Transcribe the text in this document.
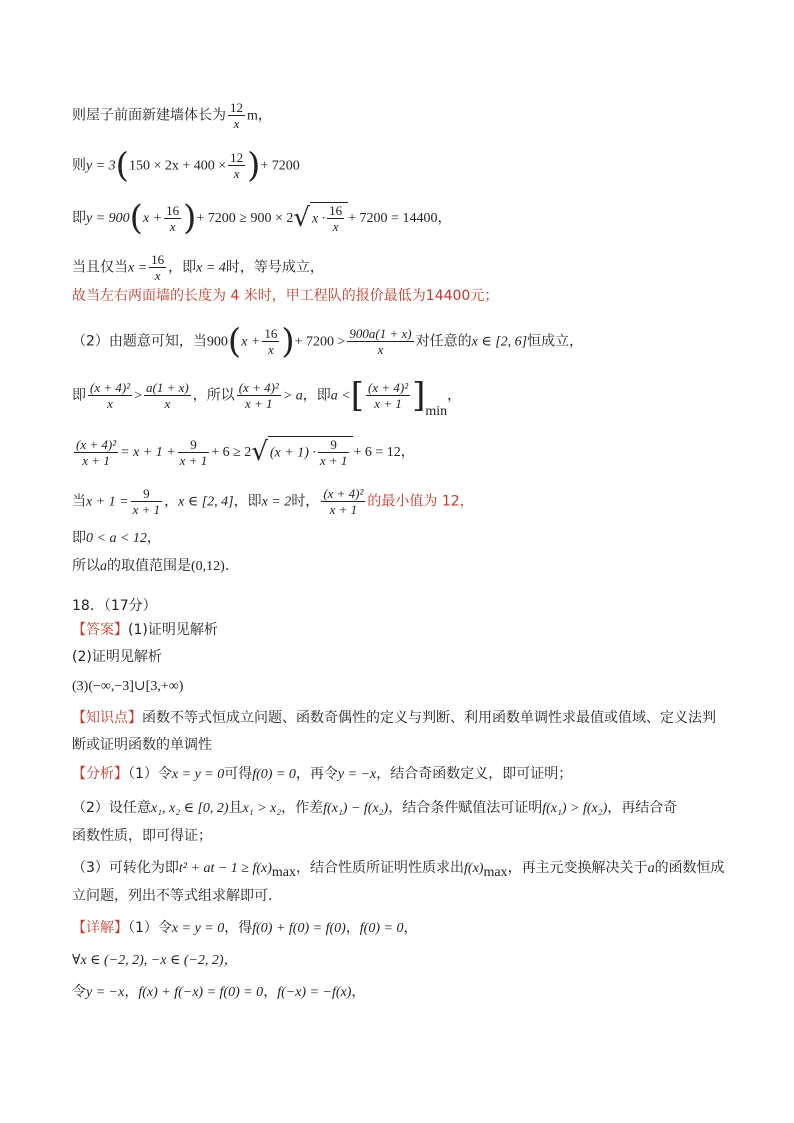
则屋子前面新建墙体长为 $\frac{12}{x}$ m，
则$y = 3(150 \times 2x + 400 \times \frac{12}{x}$ )+ 7200
即$y = 900(x + \frac{16}{x}$ )+ 7200 ≥ 900 × 2√ $x \cdot \frac{16}{x} + 7200 = 14400$，
当且仅当$x = \frac{16}{x}$ ，即x = 4时，等号成立，
故当左右两面墙的长度为 4 米时，甲工程队的报价最低为14400元；
（2）由题意可知，当$900(x + \frac{16}{x}$ )+ $7200 > \frac{900a(1 + x)}{x}$ 对任意的x ∈ [2, 6]恒成立，
即 $\frac{\text{(x + 4)²}}{x} > \frac{a(1 + x)}{x}$ ，所以 $\frac{\text{(x + 4)²}}{x + 1} > a$，即a <[ $\frac{\text{(x + 4)²}}{x + 1} ]_{min}$，
$\frac{\text{(x + 4)²}}{x + 1} = x + 1 + \frac{9}{x + 1} + 6 \ge 2√$ $(x + 1) \cdot \frac{9}{x + 1} + 6 = 12$，
当$x + 1 = \frac{9}{x + 1}$ ，x ∈ [2, 4]，即x = 2时， $\frac{\text{(x + 4)²}}{x + 1}$ 的最小值为 12，
即0 < a < 12，
所以a的取值范围是(0,12).
18．（17分）
【答案】(1)证明见解析
(2)证明见解析
(3)(−∞,−3]∪[3,+∞)
【知识点】函数不等式恒成立问题、函数奇偶性的定义与判断、利用函数单调性求最值或值域、定义法判
断或证明函数的单调性
【分析】（1）令x = y = 0可得f(0) = 0，再令y = −x，结合奇函数定义，即可证明；
（2）设任意x₁, x₂ ∈ [0, 2)且x₁ > x₂，作差f(x₁) − f(x₂)，结合条件赋值法可证明f(x₁) > f(x₂)，再结合奇
函数性质，即可得证；
（3）可转化为即t² + at − $1 \ge f(x)_{max}$，结合性质所证明性质求出$f(x)_{max}$，再主元变换解决关于a的函数恒成
立问题，列出不等式组求解即可.
【详解】（1）令x = y = 0，得f(0) + f(0) = f(0)，f(0) = 0，
∀x ∈ (−2, 2), −x ∈ (−2, 2)，
令y = −x，f(x) + f(−x) = f(0) = 0，f(−x) = −f(x)，
